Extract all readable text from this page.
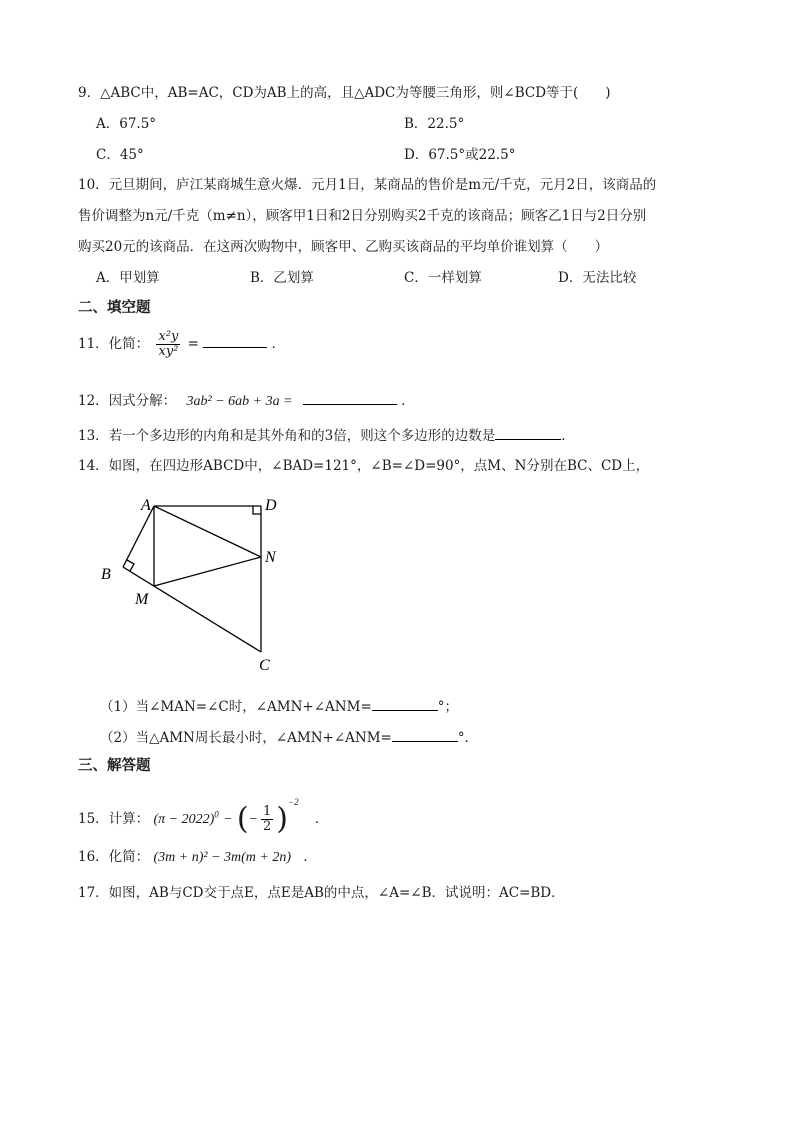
9．△ABC中，AB=AC，CD为AB上的高，且△ADC为等腰三角形，则∠BCD等于(　　)
A．67.5°	B．22.5°
C．45°	D．67.5°或22.5°
10．元旦期间，庐江某商城生意火爆．元月1日，某商品的售价是m元/千克，元月2日，该商品的
售价调整为n元/千克（m≠n），顾客甲1日和2日分别购买2千克的该商品；顾客乙1日与2日分别
购买20元的该商品．在这两次购物中，顾客甲、乙购买该商品的平均单价谁划算（　　）
A．甲划算	B．乙划算	C．一样划算	D．无法比较
二、填空题
11．化简： $\frac{\text{x²y}}{\text{xy²}}$ =	．
12．因式分解： 3ab² − 6ab + 3a =	．
13．若一个多边形的内角和是其外角和的3倍，则这个多边形的边数是	．
14．如图，在四边形ABCD中，∠BAD=121°，∠B=∠D=90°，点M、N分别在BC、CD上，
A	D
B
N
M
C
（1）当∠MAN=∠C时，∠AMN+∠ANM=	°；
（2）当△AMN周长最小时，∠AMN+∠ANM=	°．
三、解答题
15．计算： $(\pi - 2022)^0$ − (− $\frac{1}{2} )^{-2}$ ．
16．化简： (3m + n)² − 3m(m + 2n) ．
17．如图，AB与CD交于点E，点E是AB的中点，∠A=∠B．试说明：AC=BD．
